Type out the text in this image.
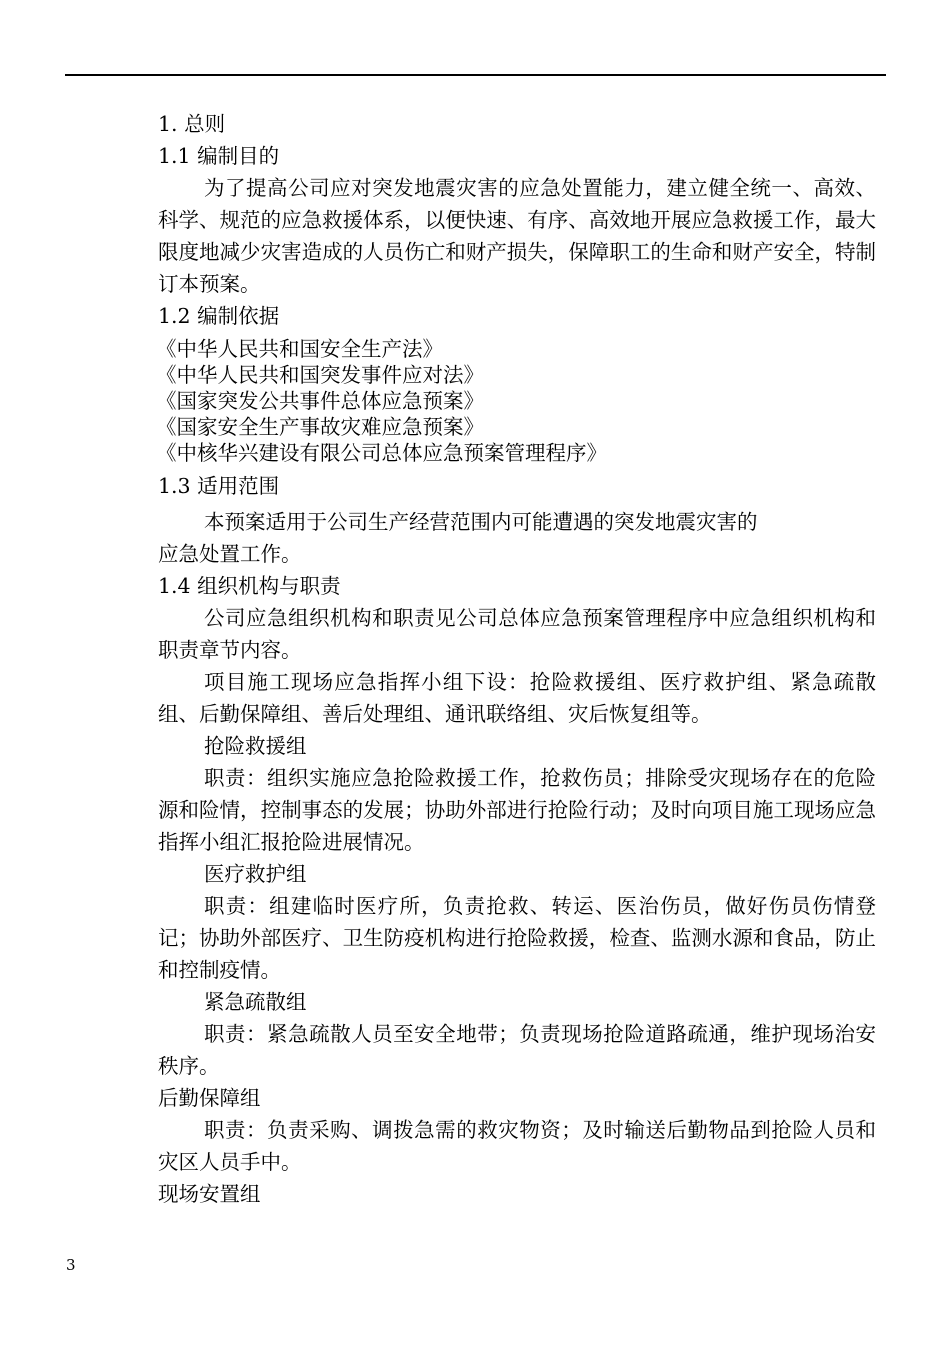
1. 总则
1.1 编制目的
为了提高公司应对突发地震灾害的应急处置能力，建立健全统一、高效、科学、规范的应急救援体系，以便快速、有序、高效地开展应急救援工作，最大限度地减少灾害造成的人员伤亡和财产损失，保障职工的生命和财产安全，特制订本预案。
1.2 编制依据
《中华人民共和国安全生产法》
《中华人民共和国突发事件应对法》
《国家突发公共事件总体应急预案》
《国家安全生产事故灾难应急预案》
《中核华兴建设有限公司总体应急预案管理程序》
1.3 适用范围
本预案适用于公司生产经营范围内可能遭遇的突发地震灾害的
应急处置工作。
1.4 组织机构与职责
公司应急组织机构和职责见公司总体应急预案管理程序中应急组织机构和职责章节内容。
项目施工现场应急指挥小组下设：抢险救援组、医疗救护组、紧急疏散组、后勤保障组、善后处理组、通讯联络组、灾后恢复组等。
抢险救援组
职责：组织实施应急抢险救援工作，抢救伤员；排除受灾现场存在的危险源和险情，控制事态的发展；协助外部进行抢险行动；及时向项目施工现场应急指挥小组汇报抢险进展情况。
医疗救护组
职责：组建临时医疗所，负责抢救、转运、医治伤员，做好伤员伤情登记；协助外部医疗、卫生防疫机构进行抢险救援，检查、监测水源和食品，防止和控制疫情。
紧急疏散组
职责：紧急疏散人员至安全地带；负责现场抢险道路疏通，维护现场治安秩序。
后勤保障组
职责：负责采购、调拨急需的救灾物资；及时输送后勤物品到抢险人员和灾区人员手中。
现场安置组
3
